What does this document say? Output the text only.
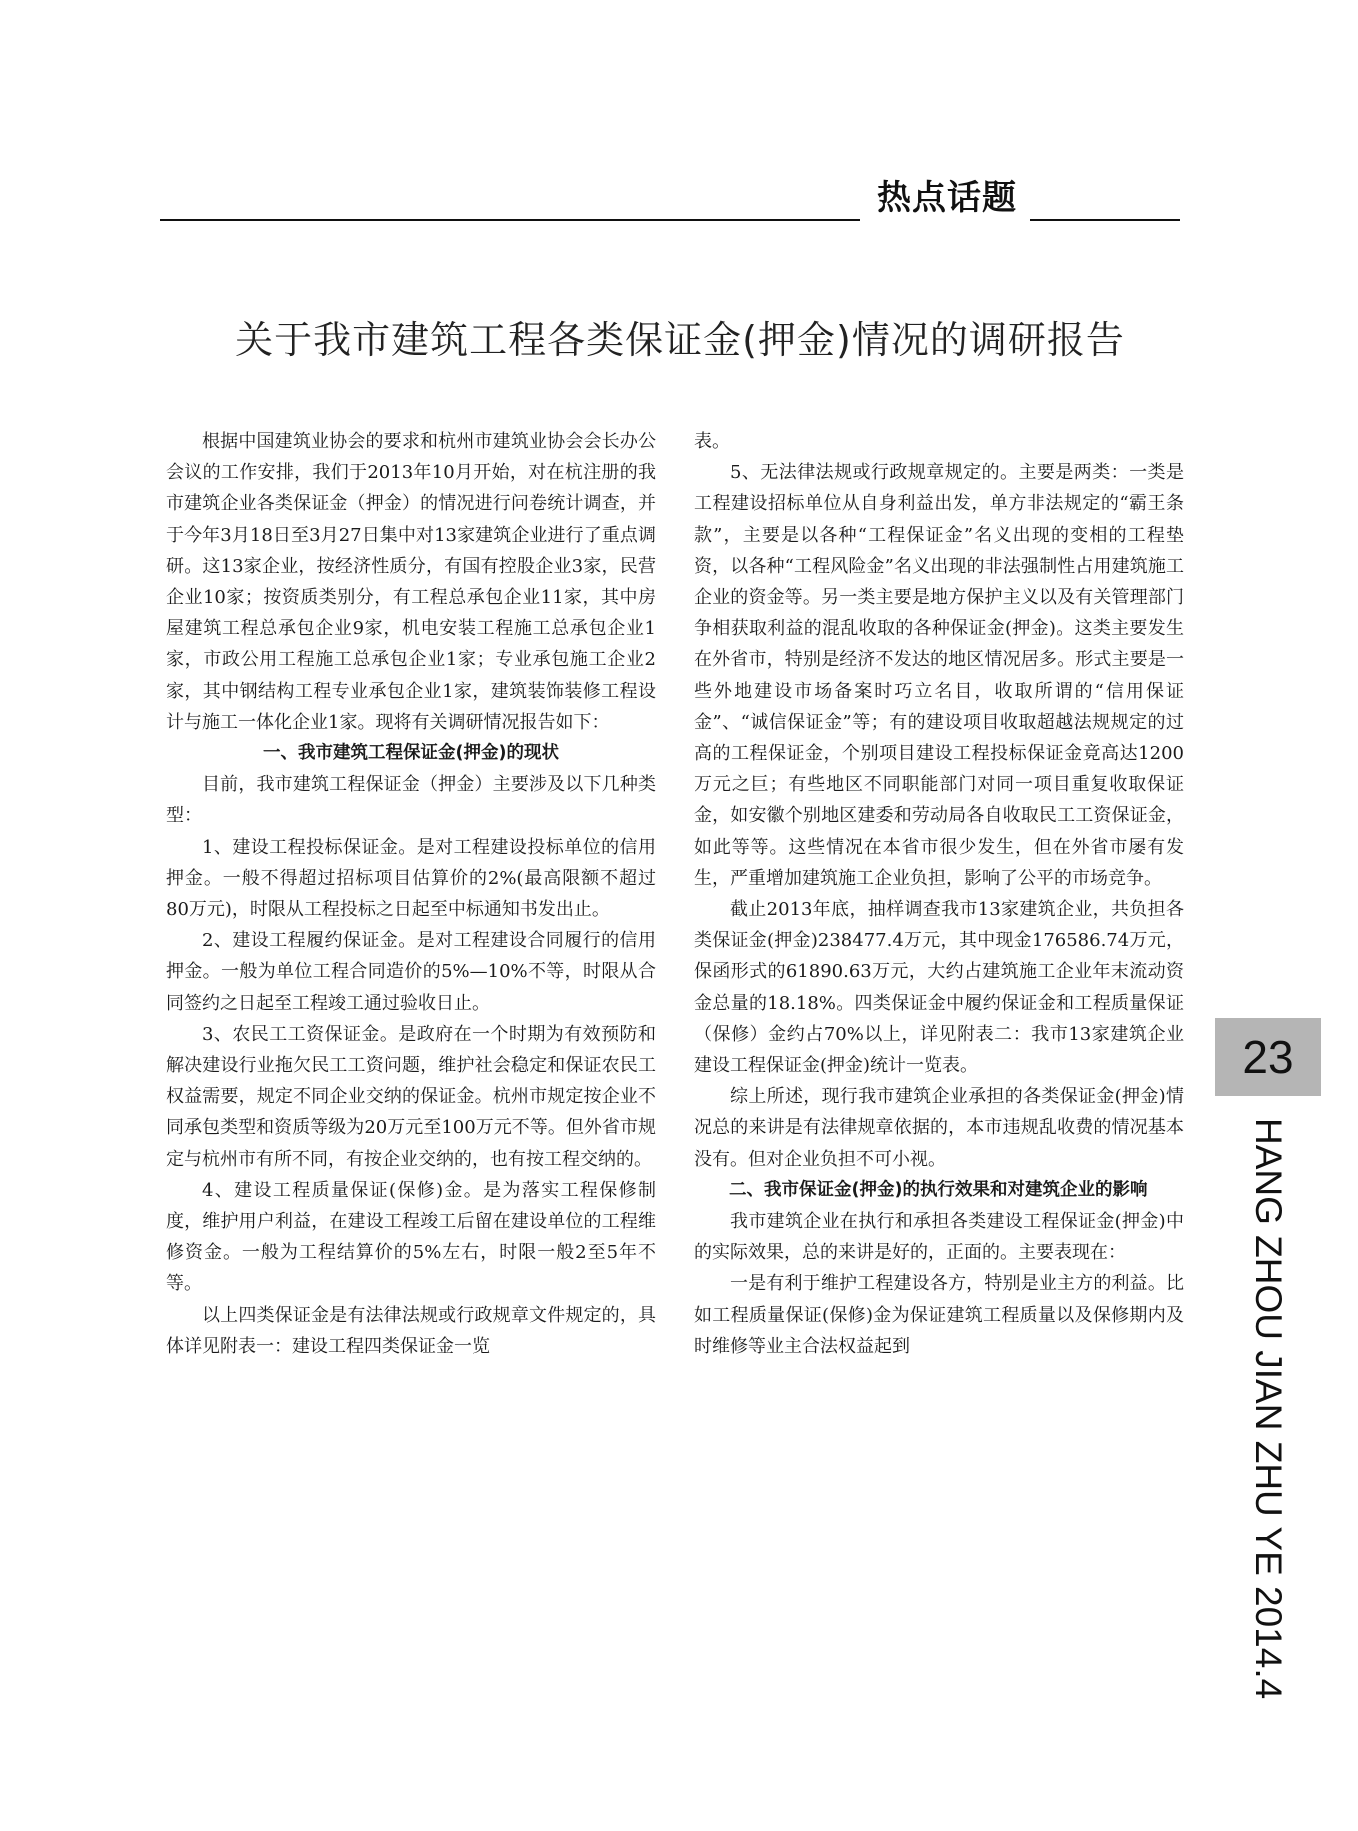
热点话题
关于我市建筑工程各类保证金(押金)情况的调研报告

根据中国建筑业协会的要求和杭州市建筑业协会会长办公会议的工作安排，我们于2013年10月开始，对在杭注册的我市建筑企业各类保证金（押金）的情况进行问卷统计调查，并于今年3月18日至3月27日集中对13家建筑企业进行了重点调研。这13家企业，按经济性质分，有国有控股企业3家，民营企业10家；按资质类别分，有工程总承包企业11家，其中房屋建筑工程总承包企业9家，机电安装工程施工总承包企业1家，市政公用工程施工总承包企业1家；专业承包施工企业2家，其中钢结构工程专业承包企业1家，建筑装饰装修工程设计与施工一体化企业1家。现将有关调研情况报告如下：

一、我市建筑工程保证金(押金)的现状

目前，我市建筑工程保证金（押金）主要涉及以下几种类型：

1、建设工程投标保证金。是对工程建设投标单位的信用押金。一般不得超过招标项目估算价的2%(最高限额不超过80万元)，时限从工程投标之日起至中标通知书发出止。

2、建设工程履约保证金。是对工程建设合同履行的信用押金。一般为单位工程合同造价的5%—10%不等，时限从合同签约之日起至工程竣工通过验收日止。

3、农民工工资保证金。是政府在一个时期为有效预防和解决建设行业拖欠民工工资问题，维护社会稳定和保证农民工权益需要，规定不同企业交纳的保证金。杭州市规定按企业不同承包类型和资质等级为20万元至100万元不等。但外省市规定与杭州市有所不同，有按企业交纳的，也有按工程交纳的。

4、建设工程质量保证(保修)金。是为落实工程保修制度，维护用户利益，在建设工程竣工后留在建设单位的工程维修资金。一般为工程结算价的5%左右，时限一般2至5年不等。

以上四类保证金是有法律法规或行政规章文件规定的，具体详见附表一：建设工程四类保证金一览

表。

5、无法律法规或行政规章规定的。主要是两类：一类是工程建设招标单位从自身利益出发，单方非法规定的“霸王条款”，主要是以各种“工程保证金”名义出现的变相的工程垫资，以各种“工程风险金”名义出现的非法强制性占用建筑施工企业的资金等。另一类主要是地方保护主义以及有关管理部门争相获取利益的混乱收取的各种保证金(押金)。这类主要发生在外省市，特别是经济不发达的地区情况居多。形式主要是一些外地建设市场备案时巧立名目，收取所谓的“信用保证金”、“诚信保证金”等；有的建设项目收取超越法规规定的过高的工程保证金，个别项目建设工程投标保证金竟高达1200万元之巨；有些地区不同职能部门对同一项目重复收取保证金，如安徽个别地区建委和劳动局各自收取民工工资保证金，如此等等。这些情况在本省市很少发生，但在外省市屡有发生，严重增加建筑施工企业负担，影响了公平的市场竞争。

截止2013年底，抽样调查我市13家建筑企业，共负担各类保证金(押金)238477.4万元，其中现金176586.74万元，保函形式的61890.63万元，大约占建筑施工企业年末流动资金总量的18.18%。四类保证金中履约保证金和工程质量保证（保修）金约占70%以上，详见附表二：我市13家建筑企业建设工程保证金(押金)统计一览表。

综上所述，现行我市建筑企业承担的各类保证金(押金)情况总的来讲是有法律规章依据的，本市违规乱收费的情况基本没有。但对企业负担不可小视。

二、我市保证金(押金)的执行效果和对建筑企业的影响

我市建筑企业在执行和承担各类建设工程保证金(押金)中的实际效果，总的来讲是好的，正面的。主要表现在：

一是有利于维护工程建设各方，特别是业主方的利益。比如工程质量保证(保修)金为保证建筑工程质量以及保修期内及时维修等业主合法权益起到

23
HANG ZHOU JIAN ZHU YE 2014.4
